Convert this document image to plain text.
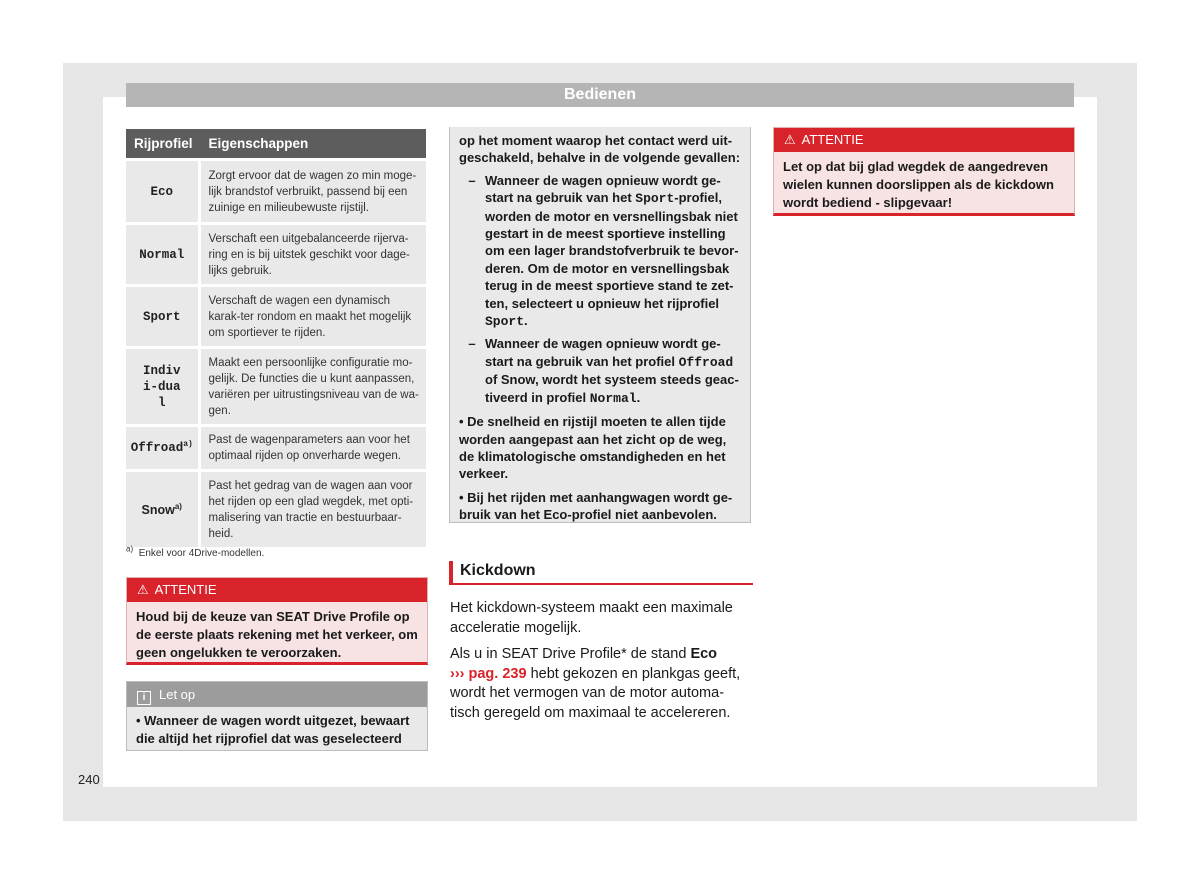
Bedienen
Rijprofiel	Eigenschappen
Eco	Zorgt ervoor dat de wagen zo min moge-lijk brandstof verbruikt, passend bij een zuinige en milieubewuste rijstijl.
Normal	Verschaft een uitgebalanceerde rijerva-ring en is bij uitstek geschikt voor dage-lijks gebruik.
Sport	Verschaft de wagen een dynamisch karak-ter rondom en maakt het mogelijk om sportiever te rijden.
Indivi-dual	Maakt een persoonlijke configuratie mo-gelijk. De functies die u kunt aanpassen, variëren per uitrustingsniveau van de wa-gen.
Offroad$^{a)}$	Past de wagenparameters aan voor het optimaal rijden op onverharde wegen.
Snow$^{a)}$	Past het gedrag van de wagen aan voor het rijden op een glad wegdek, met opti-malisering van tractie en bestuurbaar-heid.
$^{a)}$ Enkel voor 4Drive-modellen.
⚠ ATTENTIE
Houd bij de keuze van SEAT Drive Profile op de eerste plaats rekening met het verkeer, om geen ongelukken te veroorzaken.
i Let op
• Wanneer de wagen wordt uitgezet, bewaart die altijd het rijprofiel dat was geselecteerd

op het moment waarop het contact werd uit-geschakeld, behalve in de volgende gevallen:

– Wanneer de wagen opnieuw wordt ge-start na gebruik van het Sport-profiel, worden de motor en versnellingsbak niet gestart in de meest sportieve instelling om een lager brandstofverbruik te bevor-deren. Om de motor en versnellingsbak terug in de meest sportieve stand te zet-ten, selecteert u opnieuw het rijprofiel Sport.
– Wanneer de wagen opnieuw wordt ge-start na gebruik van het profiel Offroad of Snow, wordt het systeem steeds geac-tiveerd in profiel Normal.

• De snelheid en rijstijl moeten te allen tijde worden aangepast aan het zicht op de weg, de klimatologische omstandigheden en het verkeer.

• Bij het rijden met aanhangwagen wordt ge-bruik van het Eco-profiel niet aanbevolen.

Kickdown
Het kickdown-systeem maakt een maximale acceleratie mogelijk.
Als u in SEAT Drive Profile* de stand Eco
››› pag. 239 hebt gekozen en plankgas geeft, wordt het vermogen van de motor automa-tisch geregeld om maximaal te accelereren.
⚠ ATTENTIE
Let op dat bij glad wegdek de aangedreven wielen kunnen doorslippen als de kickdown wordt bediend - slipgevaar!
240
